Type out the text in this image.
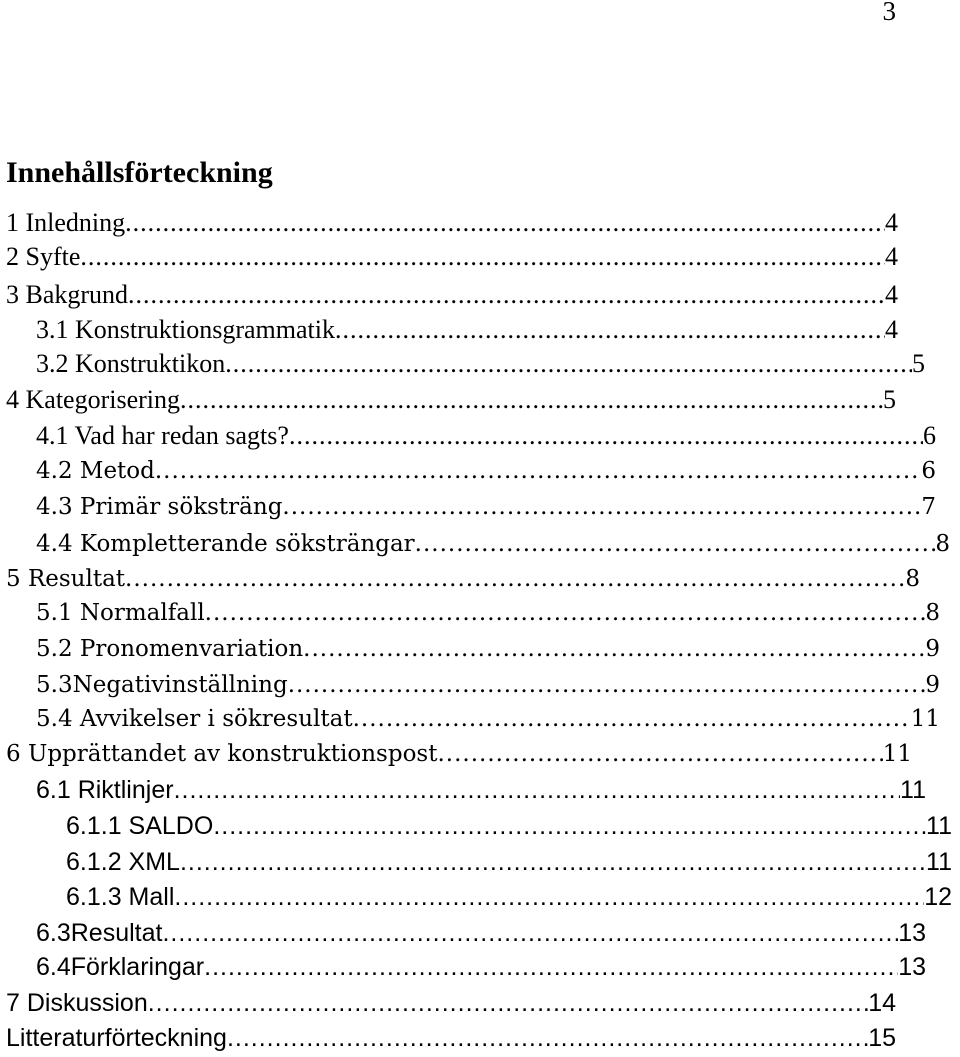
3
Innehållsförteckning
1 Inledning .....	4
2 Syfte .....	4
3 Bakgrund .....	4
3.1 Konstruktionsgrammatik .....	4
3.2 Konstruktikon .....	5
4 Kategorisering .....	5
4.1 Vad har redan sagts? .....	6
4.2 Metod .....	6
4.3 Primär söksträng .....	7
4.4 Kompletterande söksträngar .....	8
5 Resultat .....	8
5.1 Normalfall .....	8
5.2 Pronomenvariation .....	9
5.3Negativinställning .....	9
5.4 Avvikelser i sökresultat .....	11
6 Upprättandet av konstruktionspost .....	11
6.1 Riktlinjer .....	11
6.1.1 SALDO .....	11
6.1.2 XML .....	11
6.1.3 Mall .....	12
6.3Resultat .....	13
6.4Förklaringar .....	13
7 Diskussion .....	14
Litteraturförteckning .....	15
